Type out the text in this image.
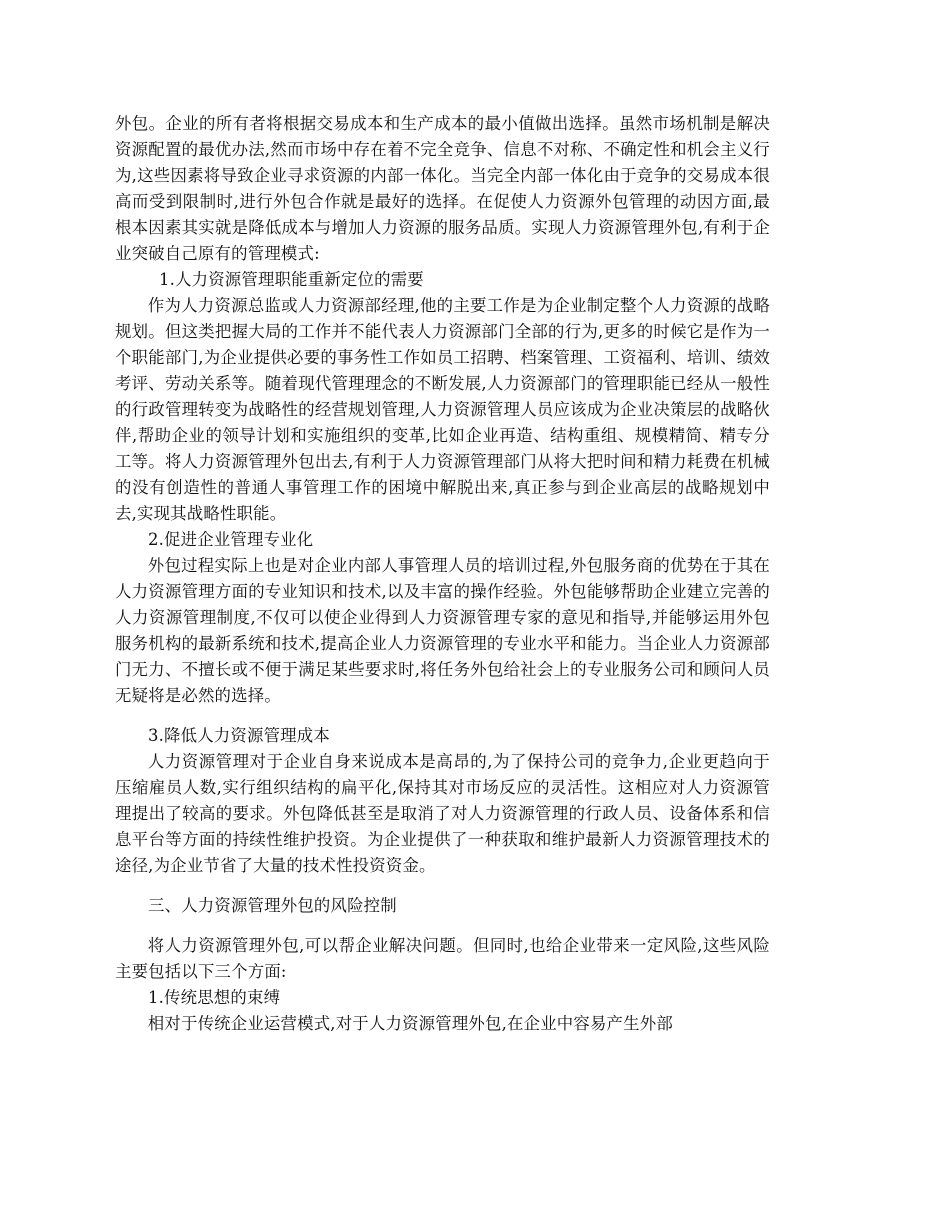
外包。企业的所有者将根据交易成本和生产成本的最小值做出选择。虽然市场机制是解决资源配置的最优办法,然而市场中存在着不完全竞争、信息不对称、不确定性和机会主义行为,这些因素将导致企业寻求资源的内部一体化。当完全内部一体化由于竞争的交易成本很高而受到限制时,进行外包合作就是最好的选择。在促使人力资源外包管理的动因方面,最根本因素其实就是降低成本与增加人力资源的服务品质。实现人力资源管理外包,有利于企业突破自己原有的管理模式:

1.人力资源管理职能重新定位的需要

作为人力资源总监或人力资源部经理,他的主要工作是为企业制定整个人力资源的战略规划。但这类把握大局的工作并不能代表人力资源部门全部的行为,更多的时候它是作为一个职能部门,为企业提供必要的事务性工作如员工招聘、档案管理、工资福利、培训、绩效考评、劳动关系等。随着现代管理理念的不断发展,人力资源部门的管理职能已经从一般性的行政管理转变为战略性的经营规划管理,人力资源管理人员应该成为企业决策层的战略伙伴,帮助企业的领导计划和实施组织的变革,比如企业再造、结构重组、规模精简、精专分工等。将人力资源管理外包出去,有利于人力资源管理部门从将大把时间和精力耗费在机械的没有创造性的普通人事管理工作的困境中解脱出来,真正参与到企业高层的战略规划中去,实现其战略性职能。

2.促进企业管理专业化

外包过程实际上也是对企业内部人事管理人员的培训过程,外包服务商的优势在于其在人力资源管理方面的专业知识和技术,以及丰富的操作经验。外包能够帮助企业建立完善的人力资源管理制度,不仅可以使企业得到人力资源管理专家的意见和指导,并能够运用外包服务机构的最新系统和技术,提高企业人力资源管理的专业水平和能力。当企业人力资源部门无力、不擅长或不便于满足某些要求时,将任务外包给社会上的专业服务公司和顾问人员无疑将是必然的选择。

3.降低人力资源管理成本

人力资源管理对于企业自身来说成本是高昂的,为了保持公司的竞争力,企业更趋向于压缩雇员人数,实行组织结构的扁平化,保持其对市场反应的灵活性。这相应对人力资源管理提出了较高的要求。外包降低甚至是取消了对人力资源管理的行政人员、设备体系和信息平台等方面的持续性维护投资。为企业提供了一种获取和维护最新人力资源管理技术的途径,为企业节省了大量的技术性投资资金。

三、人力资源管理外包的风险控制

将人力资源管理外包,可以帮企业解决问题。但同时,也给企业带来一定风险,这些风险主要包括以下三个方面:

1.传统思想的束缚

相对于传统企业运营模式,对于人力资源管理外包,在企业中容易产生外部
